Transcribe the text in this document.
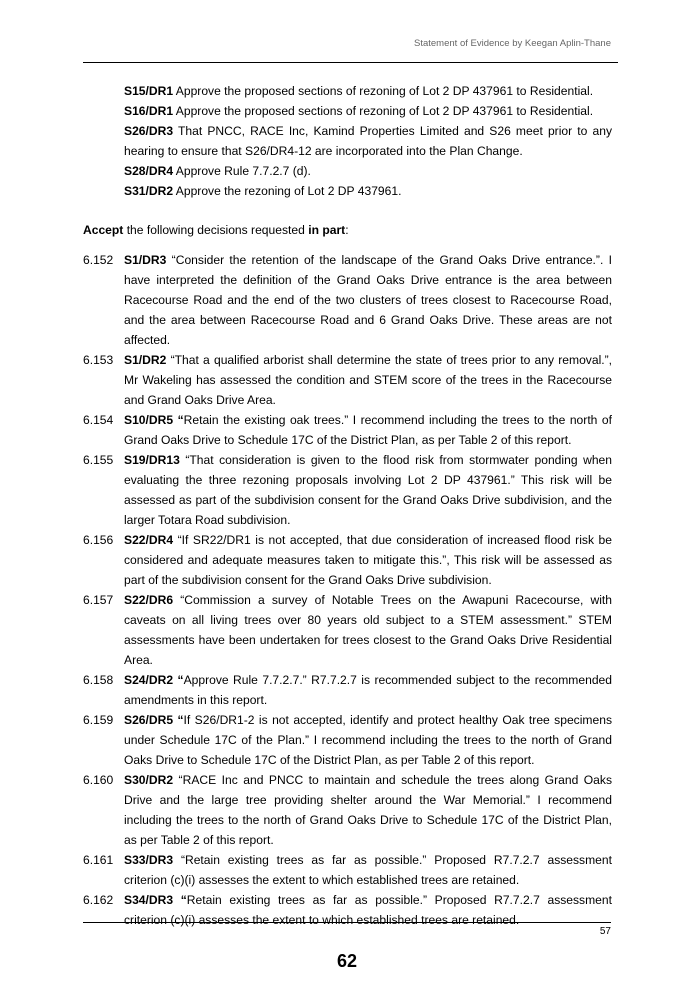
Statement of Evidence by Keegan Aplin-Thane

S15/DR1 Approve the proposed sections of rezoning of Lot 2 DP 437961 to Residential.

S16/DR1 Approve the proposed sections of rezoning of Lot 2 DP 437961 to Residential.

S26/DR3 That PNCC, RACE Inc, Kamind Properties Limited and S26 meet prior to any hearing to ensure that S26/DR4-12 are incorporated into the Plan Change.

S28/DR4 Approve Rule 7.7.2.7 (d).

S31/DR2 Approve the rezoning of Lot 2 DP 437961.

Accept the following decisions requested in part:

6.152 S1/DR3 “Consider the retention of the landscape of the Grand Oaks Drive entrance.”. I have interpreted the definition of the Grand Oaks Drive entrance is the area between Racecourse Road and the end of the two clusters of trees closest to Racecourse Road, and the area between Racecourse Road and 6 Grand Oaks Drive. These areas are not affected.
6.153 S1/DR2 “That a qualified arborist shall determine the state of trees prior to any removal.”, Mr Wakeling has assessed the condition and STEM score of the trees in the Racecourse and Grand Oaks Drive Area.
6.154 S10/DR5 “Retain the existing oak trees.” I recommend including the trees to the north of Grand Oaks Drive to Schedule 17C of the District Plan, as per Table 2 of this report.
6.155 S19/DR13 “That consideration is given to the flood risk from stormwater ponding when evaluating the three rezoning proposals involving Lot 2 DP 437961.” This risk will be assessed as part of the subdivision consent for the Grand Oaks Drive subdivision, and the larger Totara Road subdivision.
6.156 S22/DR4 “If SR22/DR1 is not accepted, that due consideration of increased flood risk be considered and adequate measures taken to mitigate this.”, This risk will be assessed as part of the subdivision consent for the Grand Oaks Drive subdivision.
6.157 S22/DR6 “Commission a survey of Notable Trees on the Awapuni Racecourse, with caveats on all living trees over 80 years old subject to a STEM assessment.” STEM assessments have been undertaken for trees closest to the Grand Oaks Drive Residential Area.
6.158 S24/DR2 “Approve Rule 7.7.2.7.” R7.7.2.7 is recommended subject to the recommended amendments in this report.
6.159 S26/DR5 “If S26/DR1-2 is not accepted, identify and protect healthy Oak tree specimens under Schedule 17C of the Plan.” I recommend including the trees to the north of Grand Oaks Drive to Schedule 17C of the District Plan, as per Table 2 of this report.
6.160 S30/DR2 “RACE Inc and PNCC to maintain and schedule the trees along Grand Oaks Drive and the large tree providing shelter around the War Memorial.” I recommend including the trees to the north of Grand Oaks Drive to Schedule 17C of the District Plan, as per Table 2 of this report.
6.161 S33/DR3 “Retain existing trees as far as possible.” Proposed R7.7.2.7 assessment criterion (c)(i) assesses the extent to which established trees are retained.
6.162 S34/DR3 “Retain existing trees as far as possible.” Proposed R7.7.2.7 assessment criterion (c)(i) assesses the extent to which established trees are retained.
57
62
